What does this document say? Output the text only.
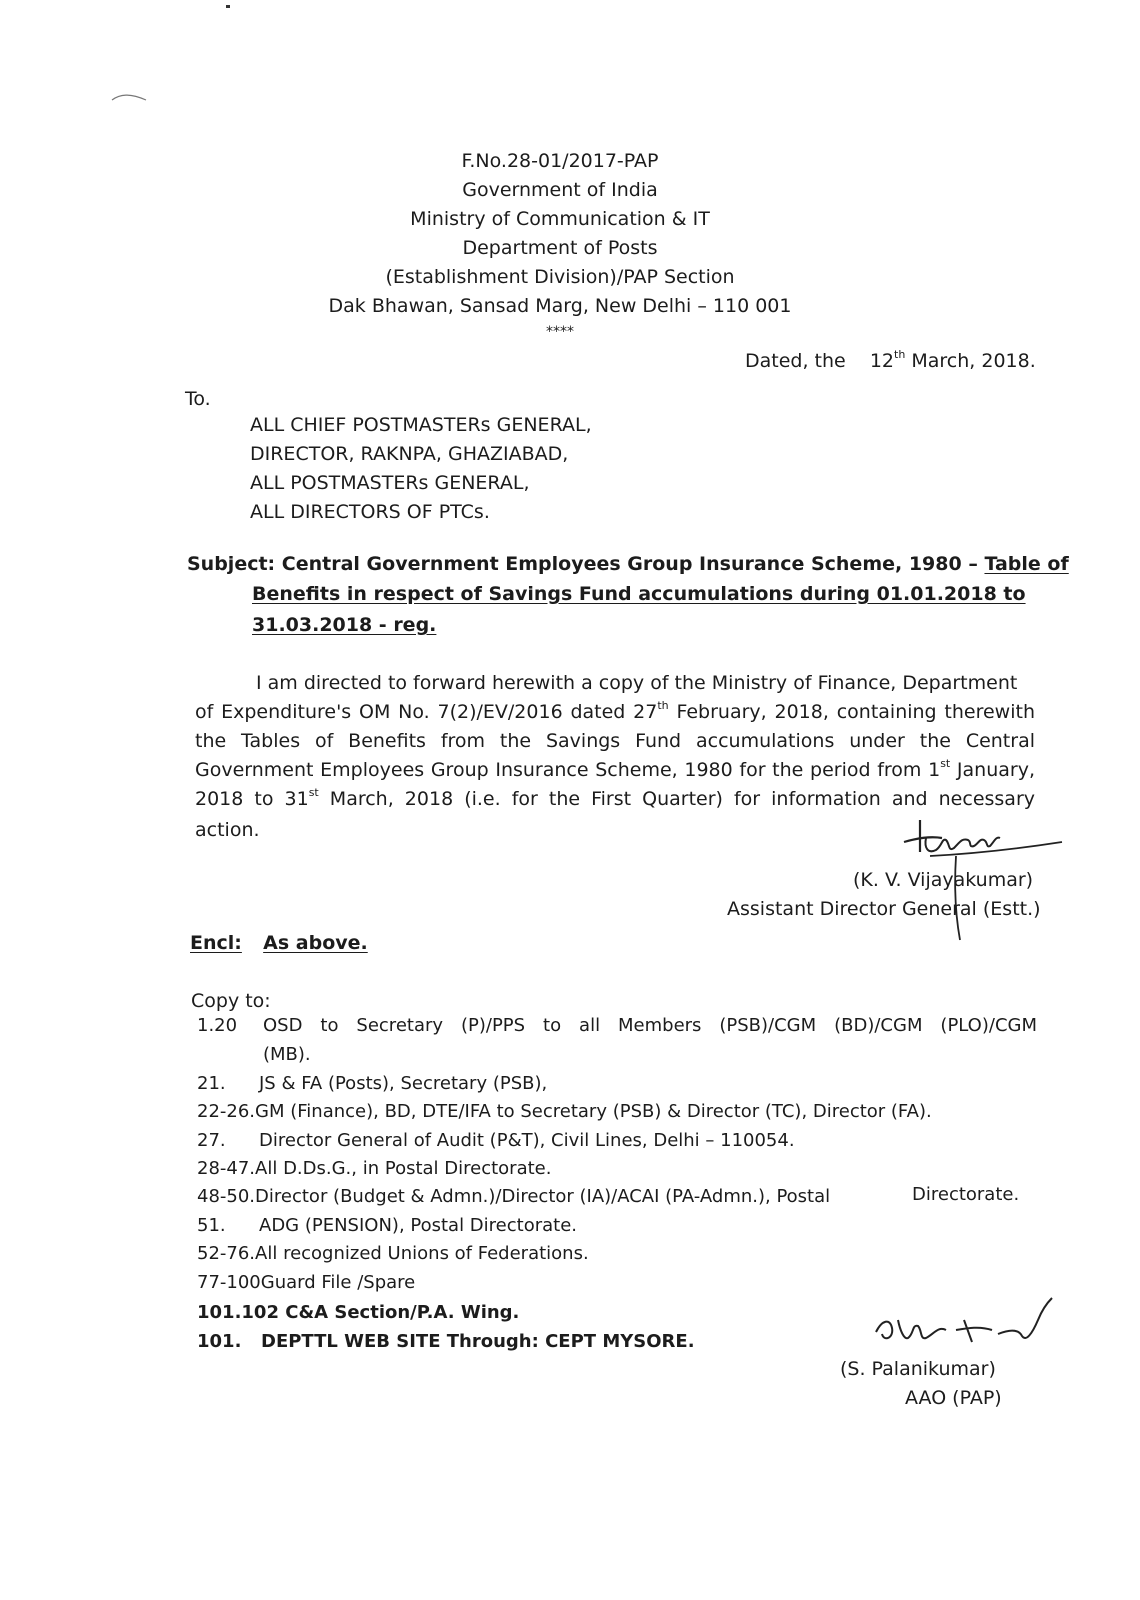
F.No.28-01/2017-PAP
Government of India
Ministry of Communication & IT
Department of Posts
(Establishment Division)/PAP Section
Dak Bhawan, Sansad Marg, New Delhi – 110 001
****
Dated, the 12th March, 2018.
To.
ALL CHIEF POSTMASTERs GENERAL,
DIRECTOR, RAKNPA, GHAZIABAD,
ALL POSTMASTERs GENERAL,
ALL DIRECTORS OF PTCs.
Subject: Central Government Employees Group Insurance Scheme, 1980 – Table of
Benefits in respect of Savings Fund accumulations during 01.01.2018 to
31.03.2018 - reg.
I am directed to forward herewith a copy of the Ministry of Finance, Department
of Expenditure's OM No. 7(2)/EV/2016 dated 27th February, 2018, containing therewith
the Tables of Benefits from the Savings Fund accumulations under the Central
Government Employees Group Insurance Scheme, 1980 for the period from 1st January,
2018 to 31st March, 2018 (i.e. for the First Quarter) for information and necessary
action.
(K. V. Vijayakumar)
Assistant Director General (Estt.)
Encl: As above.
Copy to:
1.20	OSD to Secretary (P)/PPS to all Members (PSB)/CGM (BD)/CGM (PLO)/CGM
(MB).
21. JS & FA (Posts), Secretary (PSB),
22-26.GM (Finance), BD, DTE/IFA to Secretary (PSB) & Director (TC), Director (FA).
27. Director General of Audit (P&T), Civil Lines, Delhi – 110054.
28-47.All D.Ds.G., in Postal Directorate.
48-50.Director (Budget & Admn.)/Director (IA)/ACAI (PA-Admn.), Postal	Directorate.
51. ADG (PENSION), Postal Directorate.
52-76.All recognized Unions of Federations.
77-100Guard File /Spare
101.102 C&A Section/P.A. Wing.
101. DEPTTL WEB SITE Through: CEPT MYSORE.
(S. Palanikumar)
AAO (PAP)
